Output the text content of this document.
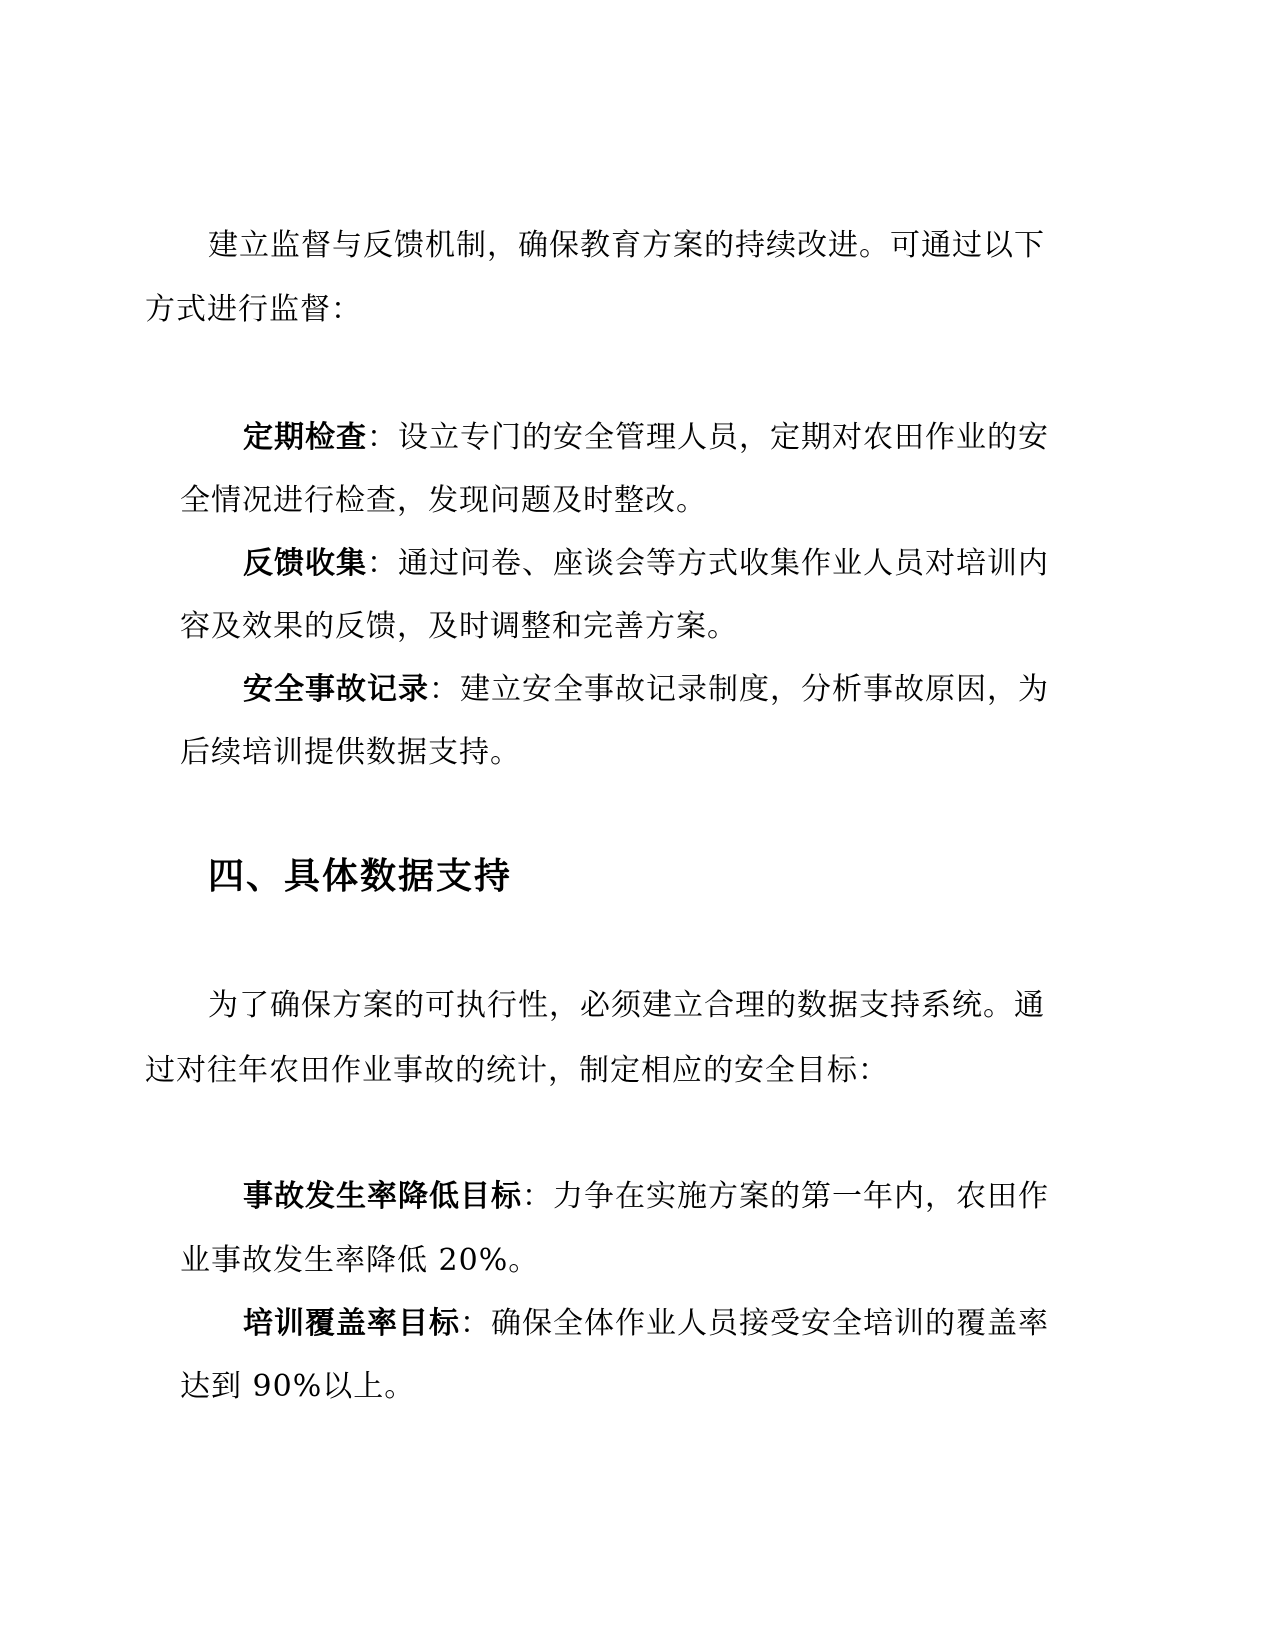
建立监督与反馈机制，确保教育方案的持续改进。可通过以下
方式进行监督：
定期检查：设立专门的安全管理人员，定期对农田作业的安
全情况进行检查，发现问题及时整改。
反馈收集：通过问卷、座谈会等方式收集作业人员对培训内
容及效果的反馈，及时调整和完善方案。
安全事故记录：建立安全事故记录制度，分析事故原因，为
后续培训提供数据支持。
四、具体数据支持
为了确保方案的可执行性，必须建立合理的数据支持系统。通
过对往年农田作业事故的统计，制定相应的安全目标：
事故发生率降低目标：力争在实施方案的第一年内，农田作
业事故发生率降低 20%。
培训覆盖率目标：确保全体作业人员接受安全培训的覆盖率
达到 90%以上。
